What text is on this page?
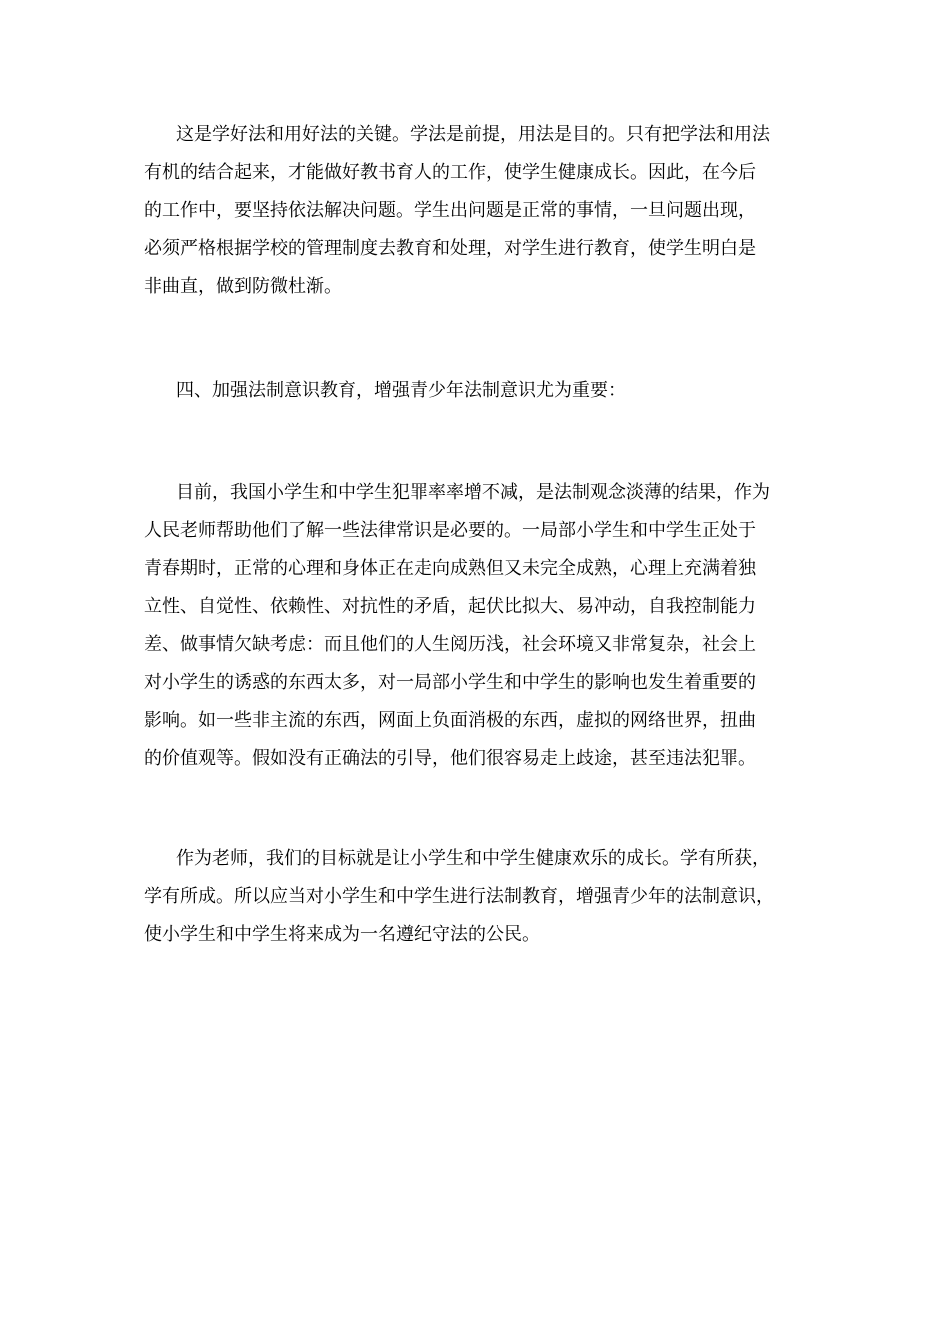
这是学好法和用好法的关键。学法是前提，用法是目的。只有把学法和用法
有机的结合起来，才能做好教书育人的工作，使学生健康成长。因此，在今后
的工作中，要坚持依法解决问题。学生出问题是正常的事情，一旦问题出现，
必须严格根据学校的管理制度去教育和处理，对学生进行教育，使学生明白是
非曲直，做到防微杜渐。
四、加强法制意识教育，增强青少年法制意识尤为重要：
目前，我国小学生和中学生犯罪率率增不减，是法制观念淡薄的结果，作为
人民老师帮助他们了解一些法律常识是必要的。一局部小学生和中学生正处于
青春期时，正常的心理和身体正在走向成熟但又未完全成熟，心理上充满着独
立性、自觉性、依赖性、对抗性的矛盾，起伏比拟大、易冲动，自我控制能力
差、做事情欠缺考虑：而且他们的人生阅历浅，社会环境又非常复杂，社会上
对小学生的诱惑的东西太多，对一局部小学生和中学生的影响也发生着重要的
影响。如一些非主流的东西，网面上负面消极的东西，虚拟的网络世界，扭曲
的价值观等。假如没有正确法的引导，他们很容易走上歧途，甚至违法犯罪。
作为老师，我们的目标就是让小学生和中学生健康欢乐的成长。学有所获，
学有所成。所以应当对小学生和中学生进行法制教育，增强青少年的法制意识，
使小学生和中学生将来成为一名遵纪守法的公民。
